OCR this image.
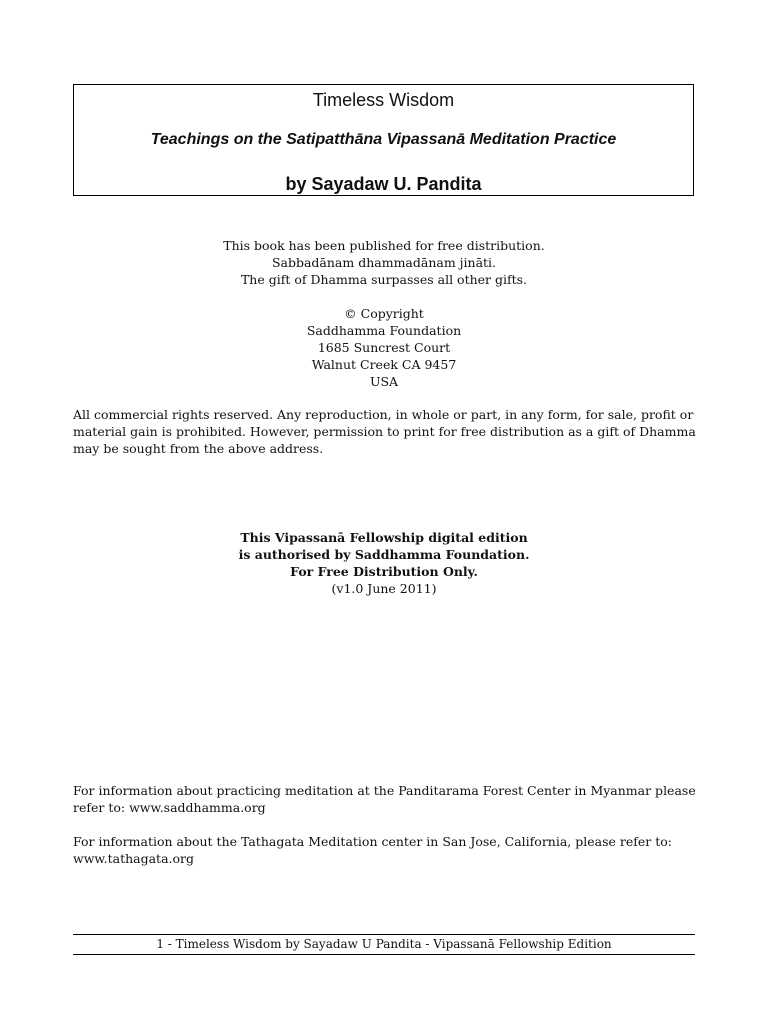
Timeless Wisdom
Teachings on the Satipatthāna Vipassanā Meditation Practice
by Sayadaw U. Pandita
This book has been published for free distribution.
Sabbadānam dhammadānam jināti.
The gift of Dhamma surpasses all other gifts.
© Copyright
Saddhamma Foundation
1685 Suncrest Court
Walnut Creek CA 9457
USA
All commercial rights reserved. Any reproduction, in whole or part, in any form, for sale, profit or material gain is prohibited. However, permission to print for free distribution as a gift of Dhamma may be sought from the above address.
This Vipassanā Fellowship digital edition
is authorised by Saddhamma Foundation.
For Free Distribution Only.
(v1.0 June 2011)
For information about practicing meditation at the Panditarama Forest Center in Myanmar please refer to: www.saddhamma.org
For information about the Tathagata Meditation center in San Jose, California, please refer to: www.tathagata.org
1 - Timeless Wisdom by Sayadaw U Pandita - Vipassanā Fellowship Edition
